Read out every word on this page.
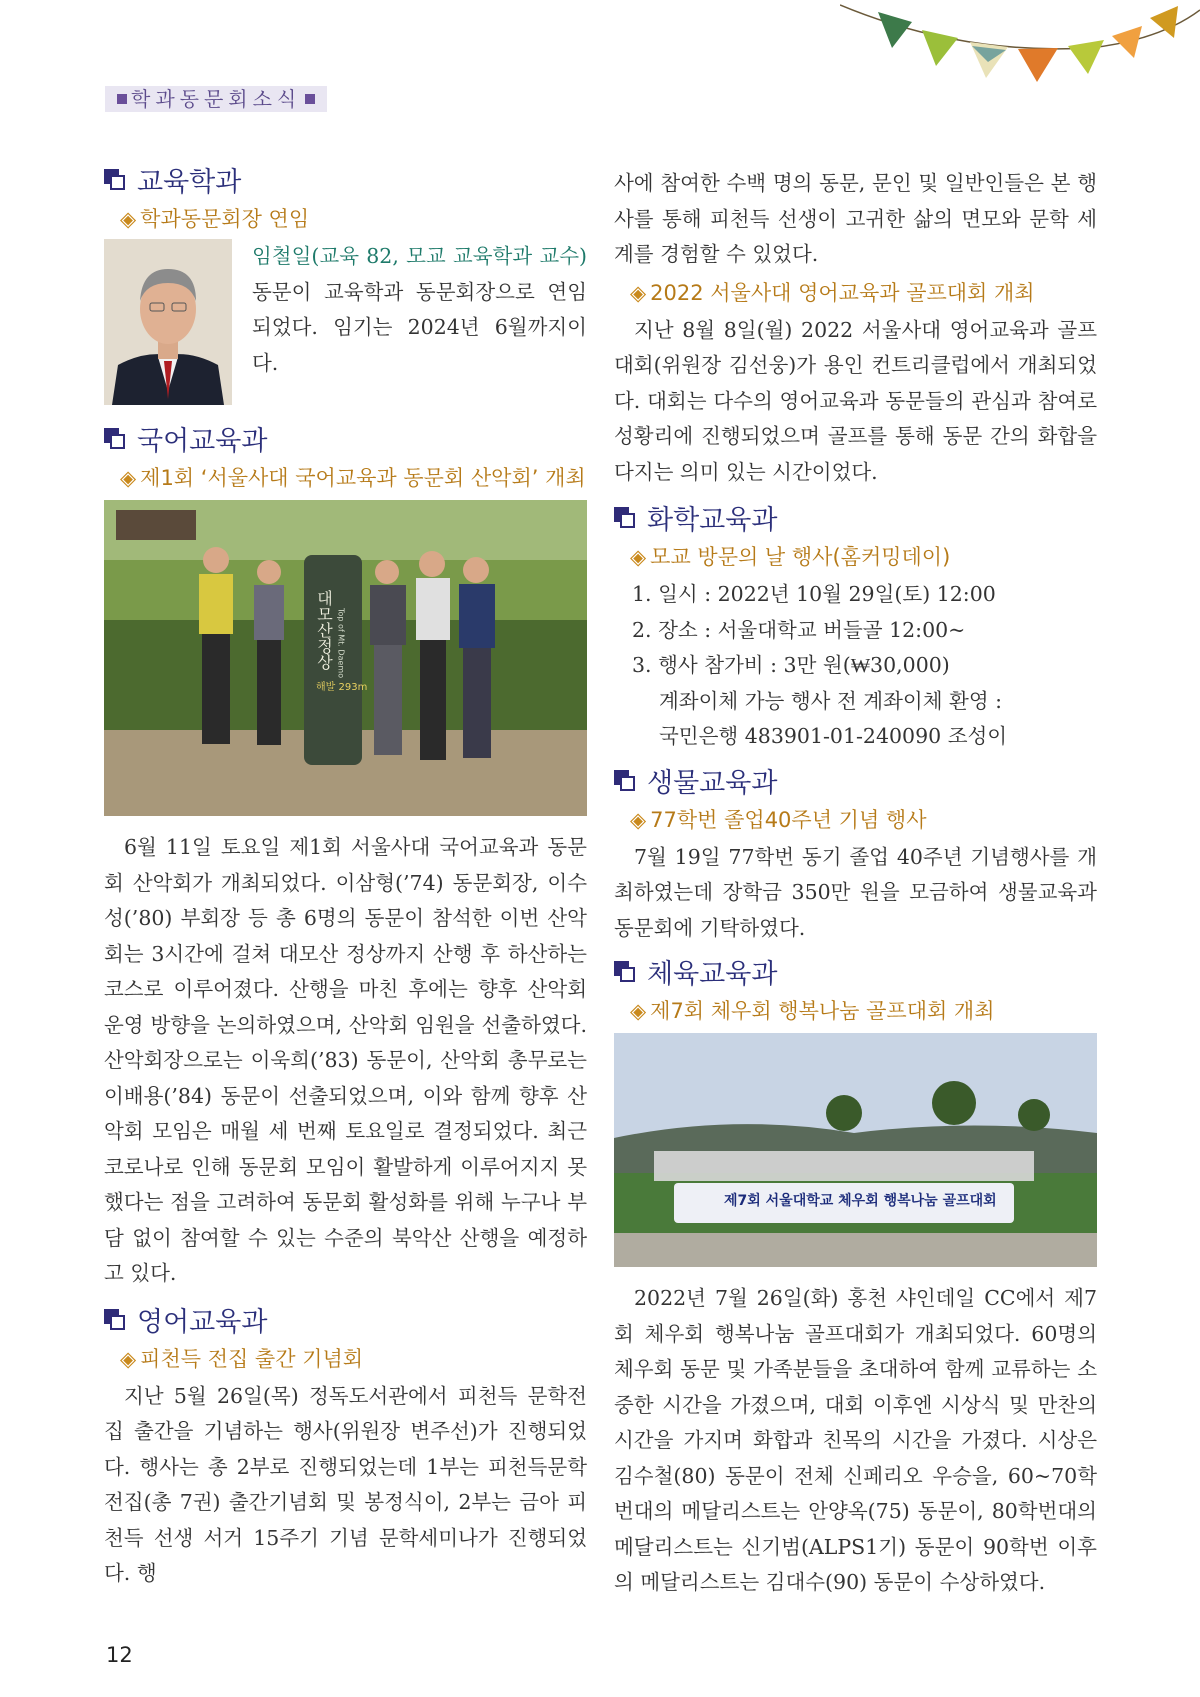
학과동문회소식
교육학과
◈ 학과동문회장 연임

임철일(교육 82, 모교 교육학과 교수) 동문이 교육학과 동문회장으로 연임되었다. 임기는 2024년 6월까지이다.

국어교육과
◈ 제1회 ‘서울사대 국어교육과 동문회 산악회’ 개최
대모산정상 Top of Mt. Daemo
해발 293m

6월 11일 토요일 제1회 서울사대 국어교육과 동문회 산악회가 개최되었다. 이삼형(’74) 동문회장, 이수성(’80) 부회장 등 총 6명의 동문이 참석한 이번 산악회는 3시간에 걸쳐 대모산 정상까지 산행 후 하산하는 코스로 이루어졌다. 산행을 마친 후에는 향후 산악회 운영 방향을 논의하였으며, 산악회 임원을 선출하였다. 산악회장으로는 이욱희(’83) 동문이, 산악회 총무로는 이배용(’84) 동문이 선출되었으며, 이와 함께 향후 산악회 모임은 매월 세 번째 토요일로 결정되었다. 최근 코로나로 인해 동문회 모임이 활발하게 이루어지지 못했다는 점을 고려하여 동문회 활성화를 위해 누구나 부담 없이 참여할 수 있는 수준의 북악산 산행을 예정하고 있다.

영어교육과
◈ 피천득 전집 출간 기념회

지난 5월 26일(목) 정독도서관에서 피천득 문학전집 출간을 기념하는 행사(위원장 변주선)가 진행되었다. 행사는 총 2부로 진행되었는데 1부는 피천득문학전집(총 7권) 출간기념회 및 봉정식이, 2부는 금아 피천득 선생 서거 15주기 기념 문학세미나가 진행되었다. 행

사에 참여한 수백 명의 동문, 문인 및 일반인들은 본 행사를 통해 피천득 선생이 고귀한 삶의 면모와 문학 세계를 경험할 수 있었다.

◈ 2022 서울사대 영어교육과 골프대회 개최

지난 8월 8일(월) 2022 서울사대 영어교육과 골프대회(위원장 김선웅)가 용인 컨트리클럽에서 개최되었다. 대회는 다수의 영어교육과 동문들의 관심과 참여로 성황리에 진행되었으며 골프를 통해 동문 간의 화합을 다지는 의미 있는 시간이었다.

화학교육과
◈ 모교 방문의 날 행사(홈커밍데이)
1. 일시 : 2022년 10월 29일(토) 12:00
2. 장소 : 서울대학교 버들골 12:00~
3. 행사 참가비 : 3만 원(₩30,000)
계좌이체 가능 행사 전 계좌이체 환영 :
국민은행 483901-01-240090 조성이
생물교육과
◈ 77학번 졸업40주년 기념 행사

7월 19일 77학번 동기 졸업 40주년 기념행사를 개최하였는데 장학금 350만 원을 모금하여 생물교육과 동문회에 기탁하였다.

체육교육과
◈ 제7회 체우회 행복나눔 골프대회 개최
제7회 서울대학교 체우회 행복나눔 골프대회

2022년 7월 26일(화) 홍천 샤인데일 CC에서 제7회 체우회 행복나눔 골프대회가 개최되었다. 60명의 체우회 동문 및 가족분들을 초대하여 함께 교류하는 소중한 시간을 가졌으며, 대회 이후엔 시상식 및 만찬의 시간을 가지며 화합과 친목의 시간을 가졌다. 시상은 김수철(80) 동문이 전체 신페리오 우승을, 60~70학번대의 메달리스트는 안양옥(75) 동문이, 80학번대의 메달리스트는 신기범(ALPS1기) 동문이 90학번 이후의 메달리스트는 김대수(90) 동문이 수상하였다.

12
